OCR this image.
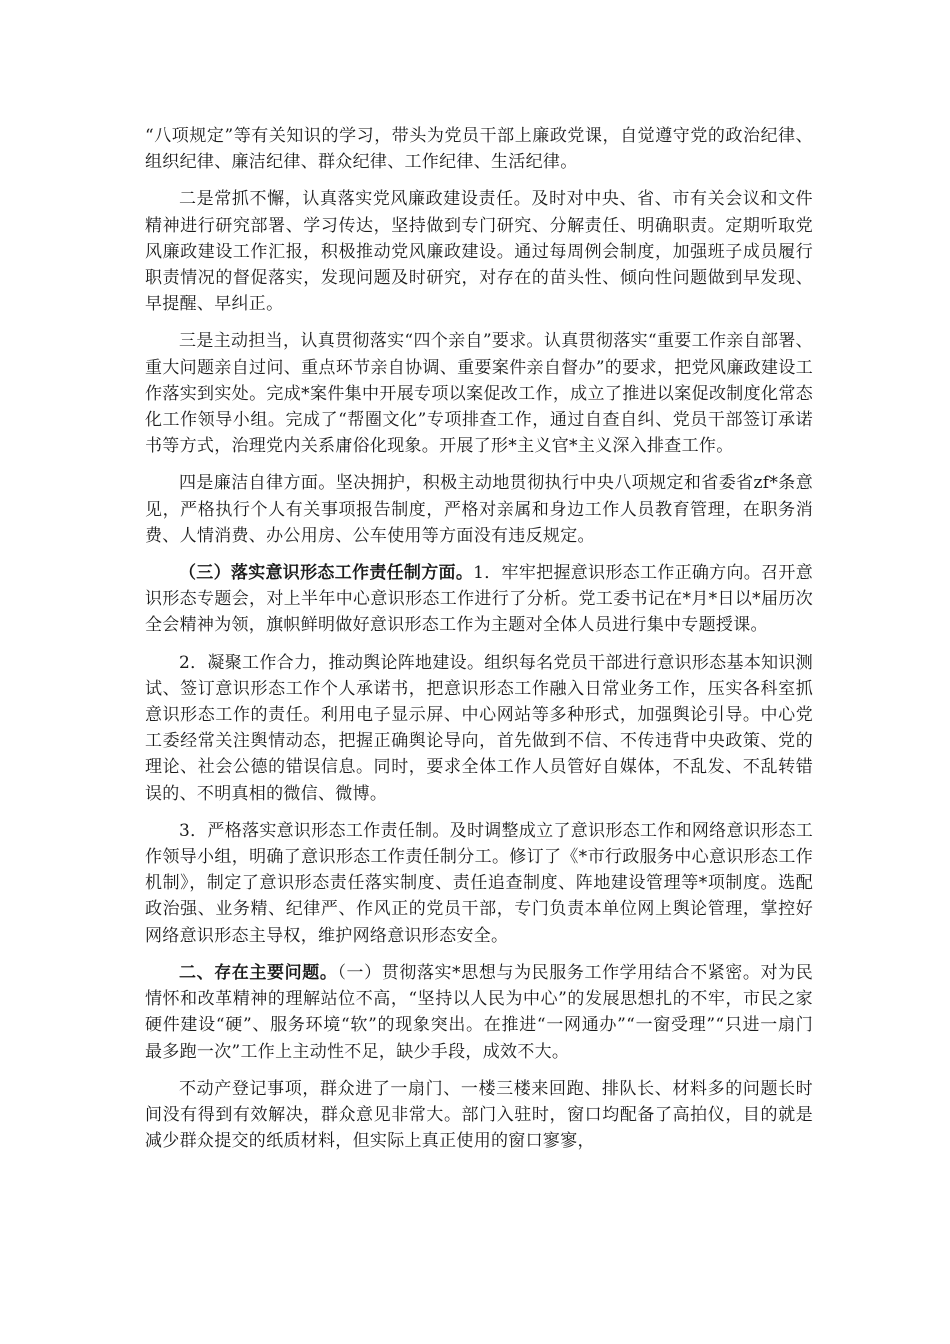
“八项规定”等有关知识的学习，带头为党员干部上廉政党课，自觉遵守党的政治纪律、组织纪律、廉洁纪律、群众纪律、工作纪律、生活纪律。

二是常抓不懈，认真落实党风廉政建设责任。及时对中央、省、市有关会议和文件精神进行研究部署、学习传达，坚持做到专门研究、分解责任、明确职责。定期听取党风廉政建设工作汇报，积极推动党风廉政建设。通过每周例会制度，加强班子成员履行职责情况的督促落实，发现问题及时研究，对存在的苗头性、倾向性问题做到早发现、早提醒、早纠正。

三是主动担当，认真贯彻落实“四个亲自”要求。认真贯彻落实“重要工作亲自部署、重大问题亲自过问、重点环节亲自协调、重要案件亲自督办”的要求，把党风廉政建设工作落实到实处。完成*案件集中开展专项以案促改工作，成立了推进以案促改制度化常态化工作领导小组。完成了“帮圈文化”专项排查工作，通过自查自纠、党员干部签订承诺书等方式，治理党内关系庸俗化现象。开展了形*主义官*主义深入排查工作。

四是廉洁自律方面。坚决拥护，积极主动地贯彻执行中央八项规定和省委省zf*条意见，严格执行个人有关事项报告制度，严格对亲属和身边工作人员教育管理，在职务消费、人情消费、办公用房、公车使用等方面没有违反规定。

（三）落实意识形态工作责任制方面。1．牢牢把握意识形态工作正确方向。召开意识形态专题会，对上半年中心意识形态工作进行了分析。党工委书记在*月*日以*届历次全会精神为领，旗帜鲜明做好意识形态工作为主题对全体人员进行集中专题授课。

2．凝聚工作合力，推动舆论阵地建设。组织每名党员干部进行意识形态基本知识测试、签订意识形态工作个人承诺书，把意识形态工作融入日常业务工作，压实各科室抓意识形态工作的责任。利用电子显示屏、中心网站等多种形式，加强舆论引导。中心党工委经常关注舆情动态，把握正确舆论导向，首先做到不信、不传违背中央政策、党的理论、社会公德的错误信息。同时，要求全体工作人员管好自媒体，不乱发、不乱转错误的、不明真相的微信、微博。

3．严格落实意识形态工作责任制。及时调整成立了意识形态工作和网络意识形态工作领导小组，明确了意识形态工作责任制分工。修订了《*市行政服务中心意识形态工作机制》，制定了意识形态责任落实制度、责任追查制度、阵地建设管理等*项制度。选配政治强、业务精、纪律严、作风正的党员干部，专门负责本单位网上舆论管理，掌控好网络意识形态主导权，维护网络意识形态安全。

二、存在主要问题。（一）贯彻落实*思想与为民服务工作学用结合不紧密。对为民情怀和改革精神的理解站位不高，“坚持以人民为中心”的发展思想扎的不牢，市民之家硬件建设“硬”、服务环境“软”的现象突出。在推进“一网通办”“一窗受理”“只进一扇门最多跑一次”工作上主动性不足，缺少手段，成效不大。

不动产登记事项，群众进了一扇门、一楼三楼来回跑、排队长、材料多的问题长时间没有得到有效解决，群众意见非常大。部门入驻时，窗口均配备了高拍仪，目的就是减少群众提交的纸质材料，但实际上真正使用的窗口寥寥，
